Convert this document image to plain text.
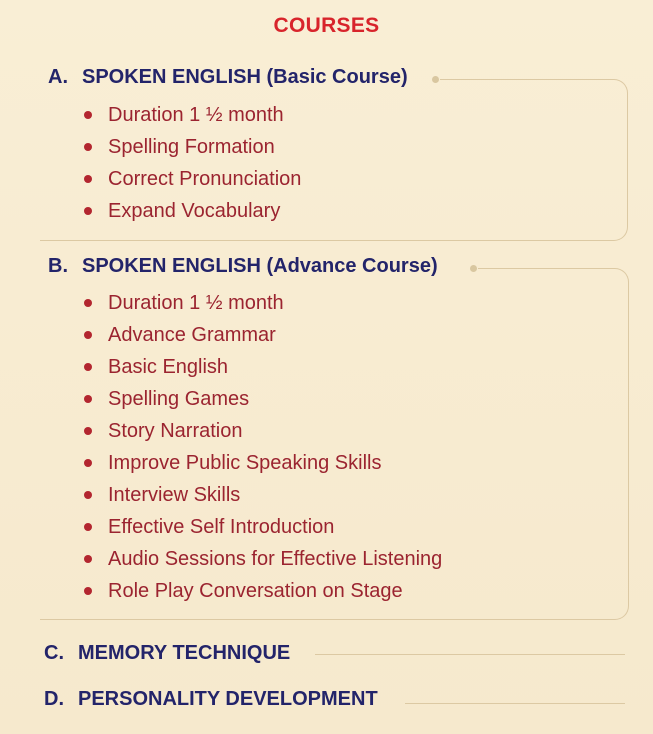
COURSES
A. SPOKEN ENGLISH (Basic Course)
Duration 1 ½ month
Spelling Formation
Correct Pronunciation
Expand Vocabulary
B. SPOKEN ENGLISH (Advance Course)
Duration 1 ½ month
Advance Grammar
Basic English
Spelling Games
Story Narration
Improve Public Speaking Skills
Interview Skills
Effective Self Introduction
Audio Sessions for Effective Listening
Role Play Conversation on Stage
C. MEMORY TECHNIQUE
D. PERSONALITY DEVELOPMENT
